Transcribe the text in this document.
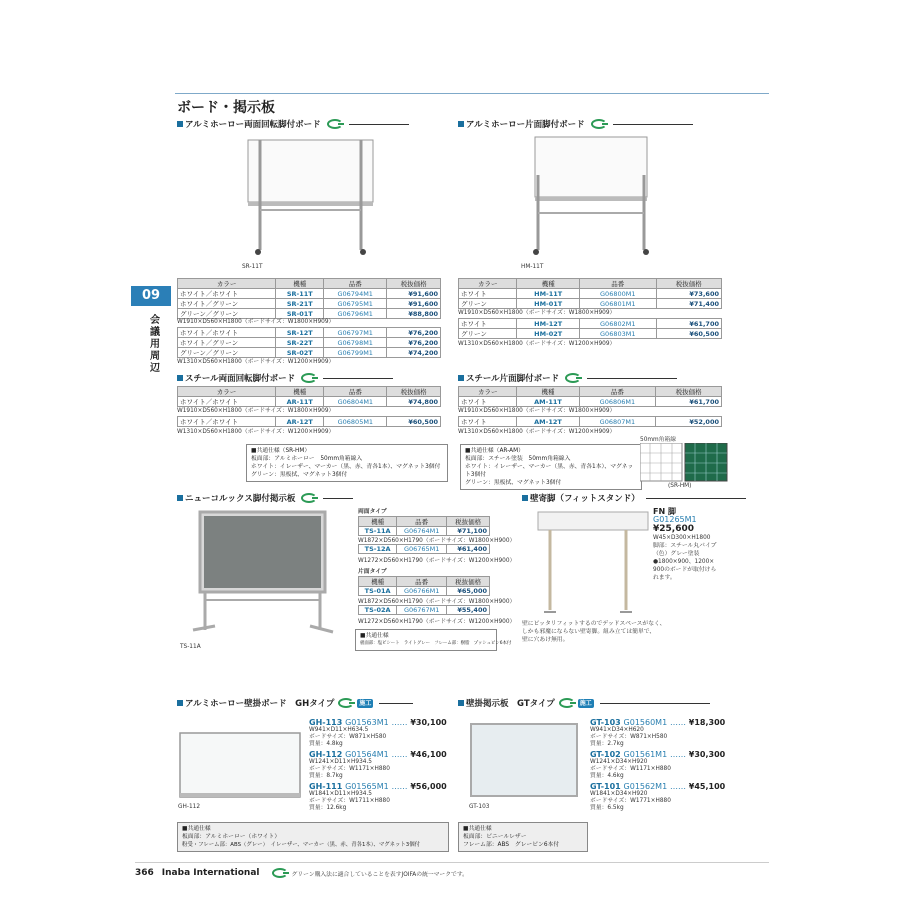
ボード・掲示板
09
会議用周辺
アルミホーロー両面回転脚付ボード
SR-11T
カラー	機種	品番	税抜価格
ホワイト／ホワイト	SR-11T	G06794M1	¥91,600
ホワイト／グリーン	SR-21T	G06795M1	¥91,600
グリーン／グリーン	SR-01T	G06796M1	¥88,800
W1910×D560×H1800（ボードサイズ：W1800×H909）
ホワイト／ホワイト	SR-12T	G06797M1	¥76,200
ホワイト／グリーン	SR-22T	G06798M1	¥76,200
グリーン／グリーン	SR-02T	G06799M1	¥74,200
W1310×D560×H1800（ボードサイズ：W1200×H909）
アルミホーロー片面脚付ボード
HM-11T
カラー	機種	品番	税抜価格
ホワイト	HM-11T	G06800M1	¥73,600
グリーン	HM-01T	G06801M1	¥71,400
W1910×D560×H1800（ボードサイズ：W1800×H909）
ホワイト	HM-12T	G06802M1	¥61,700
グリーン	HM-02T	G06803M1	¥60,500
W1310×D560×H1800（ボードサイズ：W1200×H909）
スチール両面回転脚付ボード
カラー	機種	品番	税抜価格
ホワイト／ホワイト	AR-11T	G06804M1	¥74,800
W1910×D560×H1800（ボードサイズ：W1800×H909）
ホワイト／ホワイト	AR-12T	G06805M1	¥60,500
W1310×D560×H1800（ボードサイズ：W1200×H909）
スチール片面脚付ボード
カラー	機種	品番	税抜価格
ホワイト	AM-11T	G06806M1	¥61,700
W1910×D560×H1800（ボードサイズ：W1800×H909）
ホワイト	AM-12T	G06807M1	¥52,000
W1310×D560×H1800（ボードサイズ：W1200×H909）
■共通仕様（SR-HM）
板面部：アルミホーロー　50mm角箱線入
ホワイト：イレーザー、マーカー（黒、赤、青各1本）、マグネット3個付
グリーン：黒板拭、マグネット3個付
■共通仕様（AR-AM）
板面部：スチール塗装　50mm角箱線入
ホワイト：イレーザー、マーカー（黒、赤、青各1本）、マグネット3個付
グリーン：黒板拭、マグネット3個付
50mm角箱線
(SR-HM)
ニューコルックス脚付掲示板
TS-11A
両面タイプ
機種	品番	税抜価格
TS-11A	G06764M1	¥71,100
W1872×D560×H1790（ボードサイズ：W1800×H900）
TS-12A	G06765M1	¥61,400
W1272×D560×H1790（ボードサイズ：W1200×H900）
片面タイプ
機種	品番	税抜価格
TS-01A	G06766M1	¥65,000
W1872×D560×H1790（ボードサイズ：W1800×H900）
TS-02A	G06767M1	¥55,400
W1272×D560×H1790（ボードサイズ：W1200×H900）
■共通仕様
板面部：塩ビシート　ライトグレー　フレーム部：樹脂　プッシュピン6本付
壁寄脚（フィットスタンド）
FN 脚
G01265M1
¥25,600
W45×D300×H1800
脚部：スチール丸パイプ
（色）グレー塗装
●1800×900、1200×
900のボードが取付けら
れます。
壁にピッタリフィットするのでデッドスペースがなく、
しかも邪魔にならない壁寄脚。組み立ては簡単で、
壁に穴あけ無用。
アルミホーロー壁掛ボード　GHタイプ	施工
GH-112
GH-113 G01563M1 …… ¥30,100
W941×D11×H634.5
ボードサイズ：W871×H580
質量：4.8kg
GH-112 G01564M1 …… ¥46,100
W1241×D11×H934.5
ボードサイズ：W1171×H880
質量：8.7kg
GH-111 G01565M1 …… ¥56,000
W1841×D11×H934.5
ボードサイズ：W1711×H880
質量：12.6kg
■共通仕様
板面部：アルミホーロー（ホワイト）
粉受・フレーム部：ABS（グレー）　イレーザー、マーカー（黒、赤、青各1本）、マグネット3個付
壁掛掲示板　GTタイプ	施工
GT-103
GT-103 G01560M1 …… ¥18,300
W941×D34×H620
ボードサイズ：W871×H580
質量：2.7kg
GT-102 G01561M1 …… ¥30,300
W1241×D34×H920
ボードサイズ：W1171×H880
質量：4.6kg
GT-101 G01562M1 …… ¥45,100
W1841×D34×H920
ボードサイズ：W1771×H880
質量：6.5kg
■共通仕様
板面部：ビニールレザー
フレーム部：ABS　グレーピン6本付
366 Inaba International	グリーン購入法に適合していることを表すJOIFAの統一マークです。
